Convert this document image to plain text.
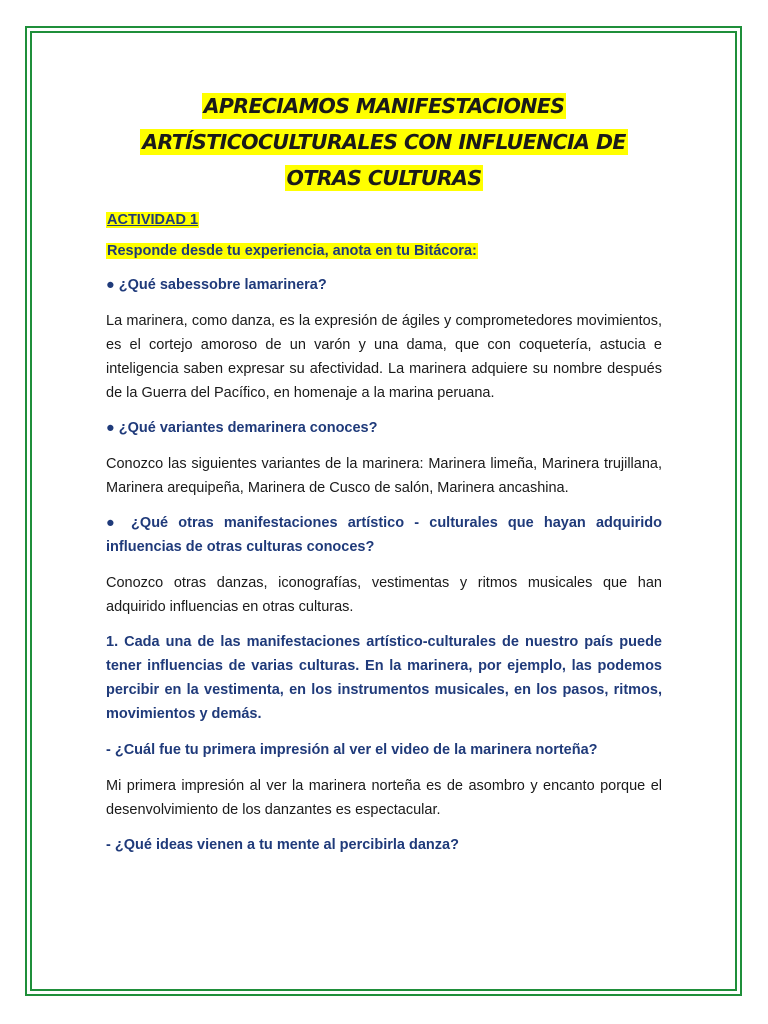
APRECIAMOS MANIFESTACIONES ARTÍSTICOCULTURALES CON INFLUENCIA DE OTRAS CULTURAS
ACTIVIDAD 1
Responde desde tu experiencia, anota en tu Bitácora:

● ¿Qué sabessobre lamarinera?

La marinera, como danza, es la expresión de ágiles y comprometedores movimientos, es el cortejo amoroso de un varón y una dama, que con coquetería, astucia e inteligencia saben expresar su afectividad. La marinera adquiere su nombre después de la Guerra del Pacífico, en homenaje a la marina peruana.

● ¿Qué variantes demarinera conoces?

Conozco las siguientes variantes de la marinera: Marinera limeña, Marinera trujillana, Marinera arequipeña, Marinera de Cusco de salón, Marinera ancashina.

● ¿Qué otras manifestaciones artístico - culturales que hayan adquirido influencias de otras culturas conoces?

Conozco otras danzas, iconografías, vestimentas y ritmos musicales que han adquirido influencias en otras culturas.

1. Cada una de las manifestaciones artístico-culturales de nuestro país puede tener influencias de varias culturas. En la marinera, por ejemplo, las podemos percibir en la vestimenta, en los instrumentos musicales, en los pasos, ritmos, movimientos y demás.

- ¿Cuál fue tu primera impresión al ver el video de la marinera norteña?

Mi primera impresión al ver la marinera norteña es de asombro y encanto porque el desenvolvimiento de los danzantes es espectacular.

- ¿Qué ideas vienen a tu mente al percibirla danza?
